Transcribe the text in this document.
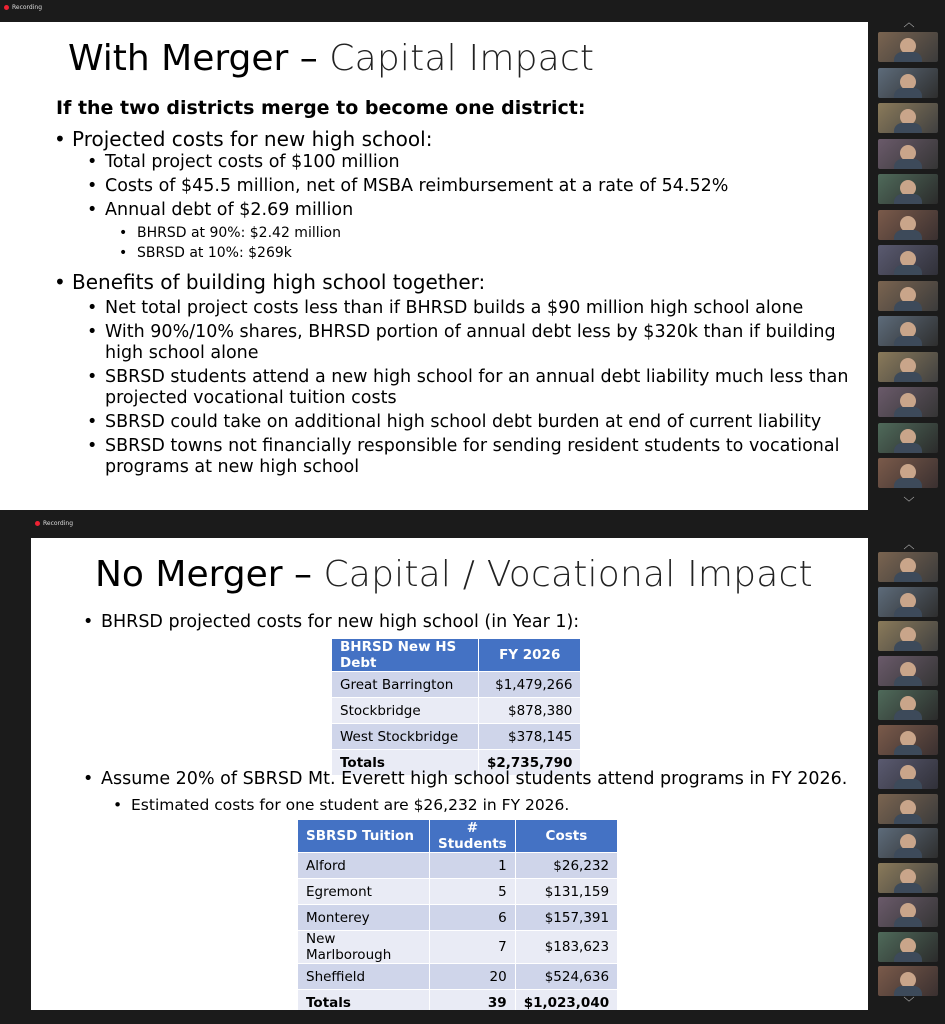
Recording
Recording
With Merger – Capital Impact
If the two districts merge to become one district:
• Projected costs for new high school:
• Total project costs of $100 million
• Costs of $45.5 million, net of MSBA reimbursement at a rate of 54.52%
• Annual debt of $2.69 million
• BHRSD at 90%: $2.42 million
• SBRSD at 10%: $269k
• Benefits of building high school together:
• Net total project costs less than if BHRSD builds a $90 million high school alone
• With 90%/10% shares, BHRSD portion of annual debt less by $320k than if building high school alone
• SBRSD students attend a new high school for an annual debt liability much less than projected vocational tuition costs
• SBRSD could take on additional high school debt burden at end of current liability
• SBRSD towns not financially responsible for sending resident students to vocational programs at new high school
No Merger – Capital / Vocational Impact
• BHRSD projected costs for new high school (in Year 1):
BHRSD New HS Debt	FY 2026
Great Barrington	$1,479,266
Stockbridge	$878,380
West Stockbridge	$378,145
Totals	$2,735,790
• Assume 20% of SBRSD Mt. Everett high school students attend programs in FY 2026.
• Estimated costs for one student are $26,232 in FY 2026.
SBRSD Tuition	# Students	Costs
Alford	1	$26,232
Egremont	5	$131,159
Monterey	6	$157,391
New Marlborough	7	$183,623
Sheffield	20	$524,636
Totals	39	$1,023,040
︿
﹀
︿
﹀
